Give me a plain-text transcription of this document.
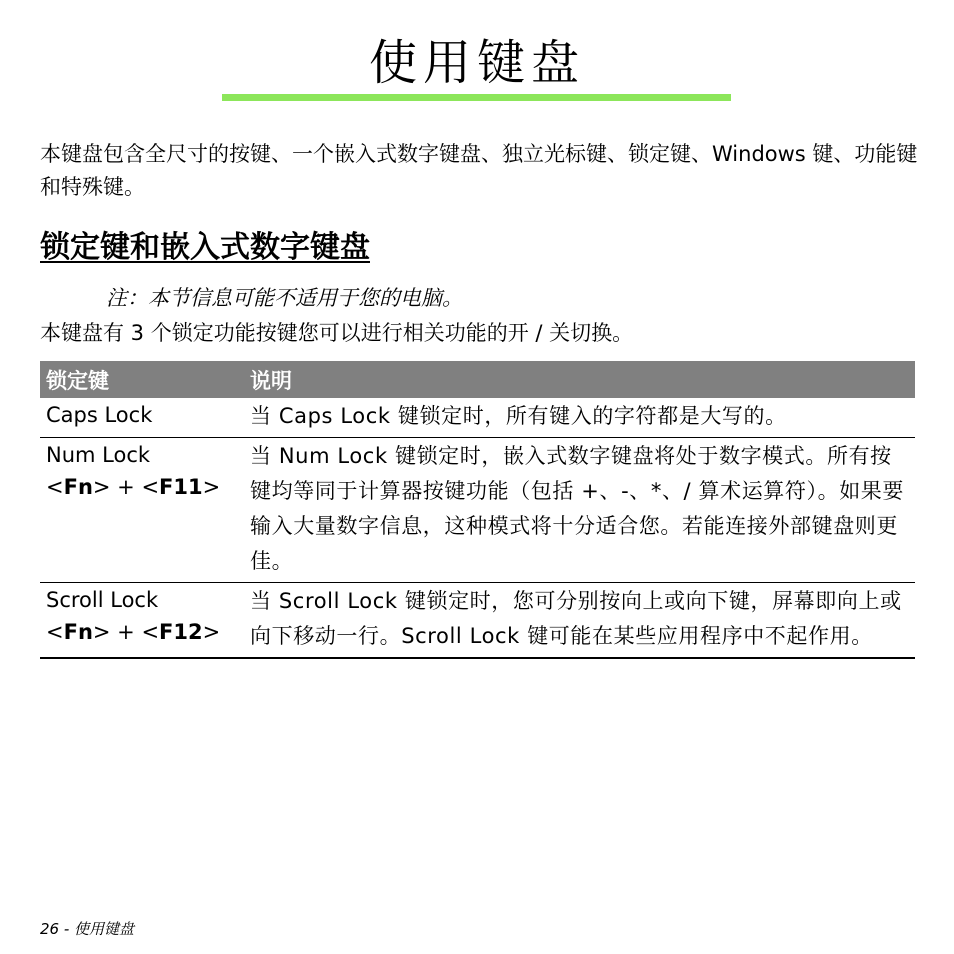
使用键盘

本键盘包含全尺寸的按键、一个嵌入式数字键盘、独立光标键、锁定键、Windows 键、功能键和特殊键。

锁定键和嵌入式数字键盘

注：本节信息可能不适用于您的电脑。

本键盘有 3 个锁定功能按键您可以进行相关功能的开 / 关切换。

锁定键	说明

Caps Lock	当 Caps Lock 键锁定时，所有键入的字符都是大写的。

Num Lock
<Fn> + <F11>	当 Num Lock 键锁定时，嵌入式数字键盘将处于数字模式。所有按键均等同于计算器按键功能（包括 +、-、*、/ 算术运算符）。如果要输入大量数字信息，这种模式将十分适合您。若能连接外部键盘则更佳。

Scroll Lock
<Fn> + <F12>	当 Scroll Lock 键锁定时，您可分别按向上或向下键，屏幕即向上或向下移动一行。Scroll Lock 键可能在某些应用程序中不起作用。

26 - 使用键盘
